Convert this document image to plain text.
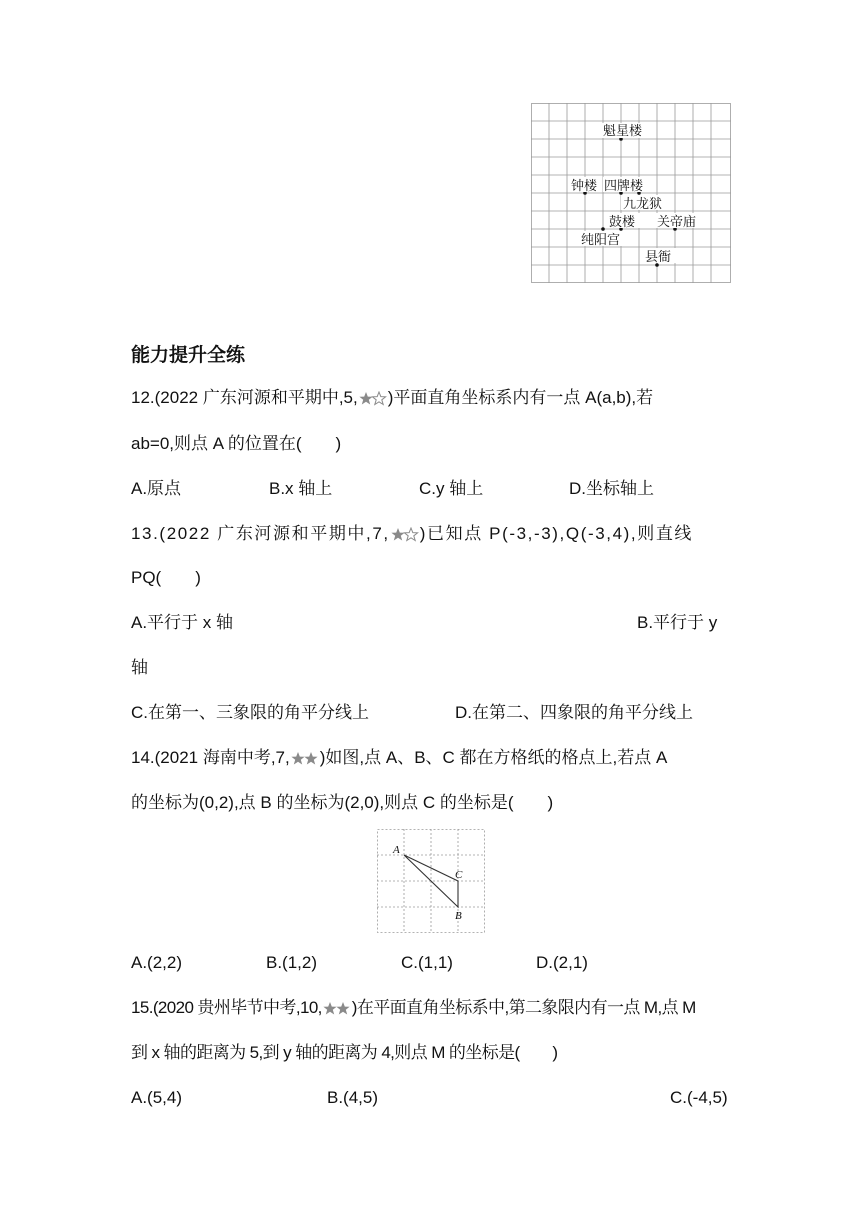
魁星楼
钟楼 四牌楼
九龙狱
鼓楼 关帝庙
纯阳宫
县衙
能力提升全练
12.(2022 广东河源和平期中,5, )平面直角坐标系内有一点 A(a,b),若
ab=0,则点 A 的位置在(　　)
A.原点	B.x 轴上	C.y 轴上	D.坐标轴上
13.(2022 广东河源和平期中,7, )已知点 P(-3,-3),Q(-3,4),则直线
PQ(　　)
A.平行于 x 轴	B.平行于 y
轴
C.在第一、三象限的角平分线上	D.在第二、四象限的角平分线上
14.(2021 海南中考,7, )如图,点 A、B、C 都在方格纸的格点上,若点 A
的坐标为(0,2),点 B 的坐标为(2,0),则点 C 的坐标是(　　)
A
C
B
A.(2,2)	B.(1,2)	C.(1,1)	D.(2,1)
15.(2020 贵州毕节中考,10, )在平面直角坐标系中,第二象限内有一点 M,点 M
到 x 轴的距离为 5,到 y 轴的距离为 4,则点 M 的坐标是(　　)
A.(5,4)	B.(4,5)	C.(-4,5)
